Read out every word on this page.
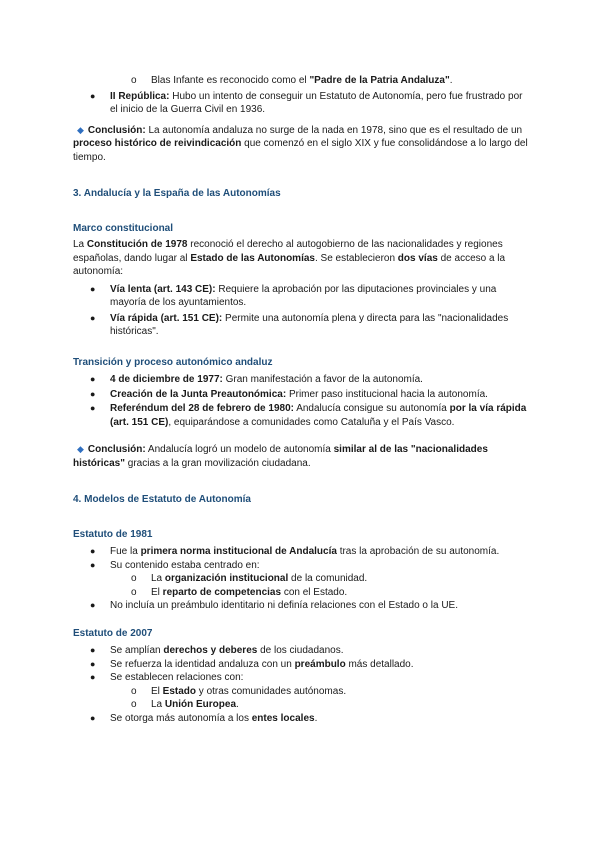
o	Blas Infante es reconocido como el "Padre de la Patria Andaluza".
●	II República: Hubo un intento de conseguir un Estatuto de Autonomía, pero fue frustrado por el inicio de la Guerra Civil en 1936.

◆ Conclusión: La autonomía andaluza no surge de la nada en 1978, sino que es el resultado de un proceso histórico de reivindicación que comenzó en el siglo XIX y fue consolidándose a lo largo del tiempo.

3. Andalucía y la España de las Autonomías
Marco constitucional

La Constitución de 1978 reconoció el derecho al autogobierno de las nacionalidades y regiones españolas, dando lugar al Estado de las Autonomías. Se establecieron dos vías de acceso a la autonomía:

●	Vía lenta (art. 143 CE): Requiere la aprobación por las diputaciones provinciales y una mayoría de los ayuntamientos.
●	Vía rápida (art. 151 CE): Permite una autonomía plena y directa para las "nacionalidades históricas".
Transición y proceso autonómico andaluz
●	4 de diciembre de 1977: Gran manifestación a favor de la autonomía.
●	Creación de la Junta Preautonómica: Primer paso institucional hacia la autonomía.
●	Referéndum del 28 de febrero de 1980: Andalucía consigue su autonomía por la vía rápida (art. 151 CE), equiparándose a comunidades como Cataluña y el País Vasco.

◆ Conclusión: Andalucía logró un modelo de autonomía similar al de las "nacionalidades históricas" gracias a la gran movilización ciudadana.

4. Modelos de Estatuto de Autonomía
Estatuto de 1981
●	Fue la primera norma institucional de Andalucía tras la aprobación de su autonomía.
●	Su contenido estaba centrado en:
o	La organización institucional de la comunidad.
o	El reparto de competencias con el Estado.
●	No incluía un preámbulo identitario ni definía relaciones con el Estado o la UE.
Estatuto de 2007
●	Se amplían derechos y deberes de los ciudadanos.
●	Se refuerza la identidad andaluza con un preámbulo más detallado.
●	Se establecen relaciones con:
o	El Estado y otras comunidades autónomas.
o	La Unión Europea.
●	Se otorga más autonomía a los entes locales.
